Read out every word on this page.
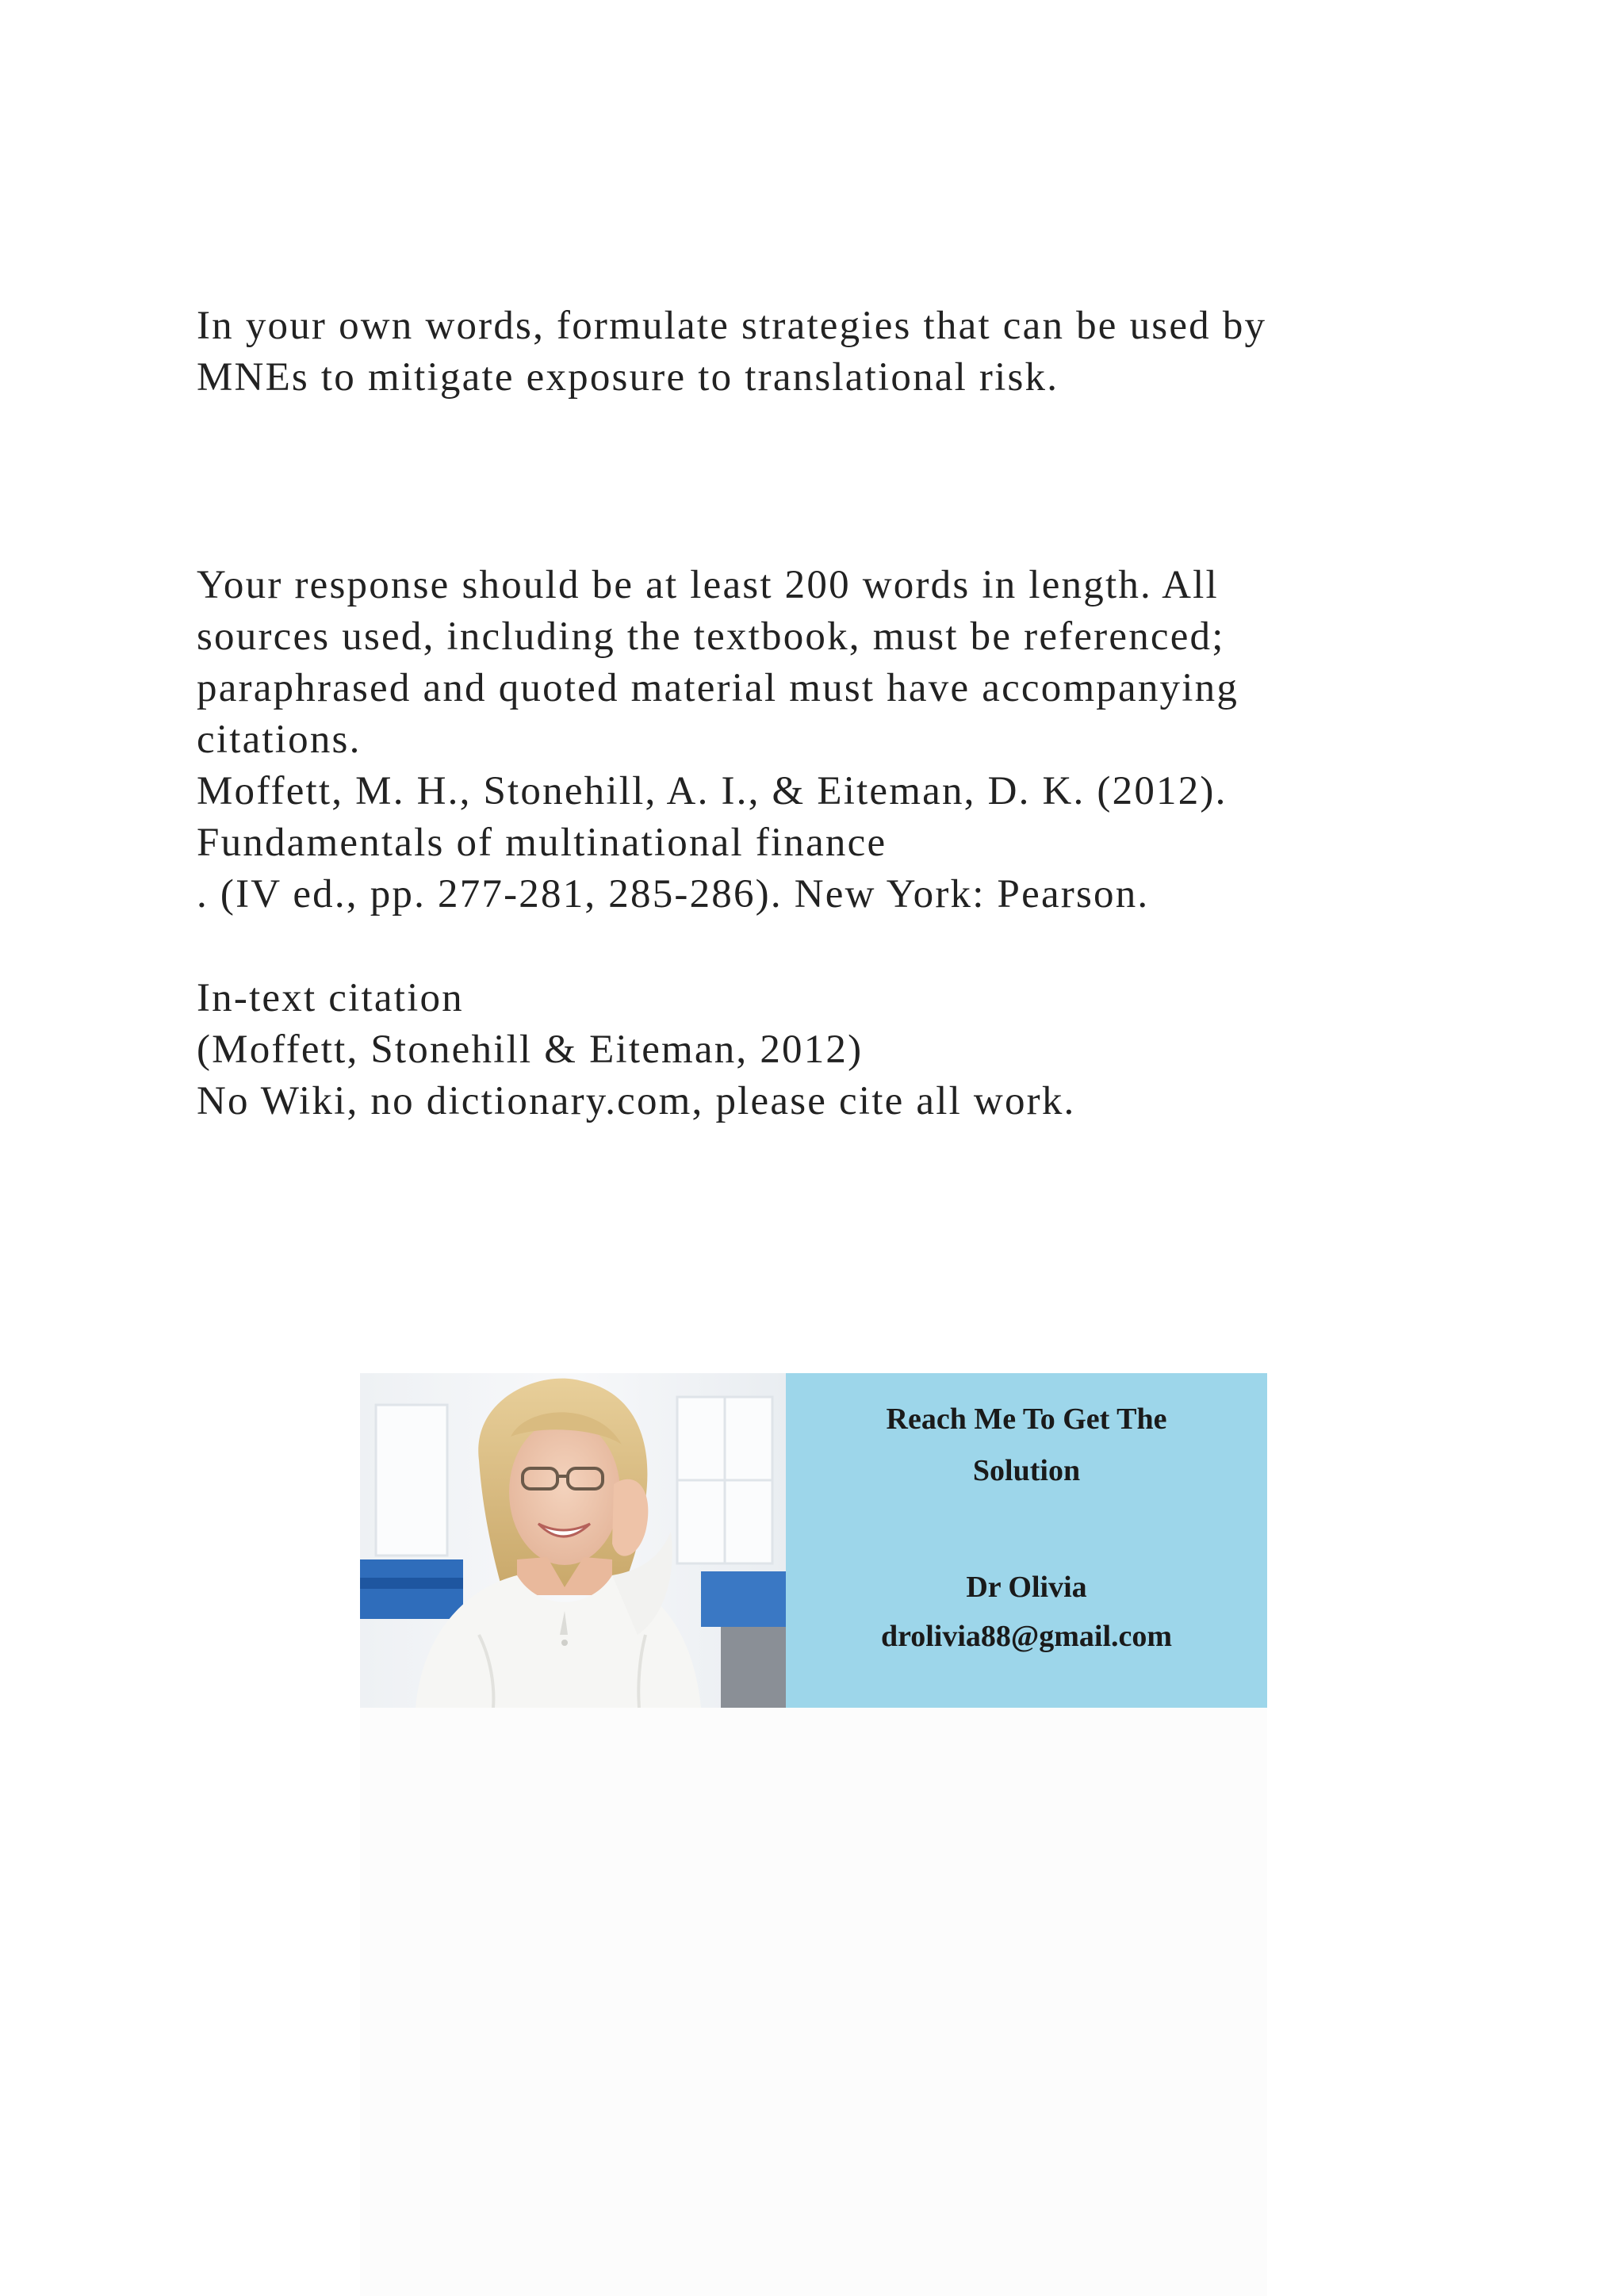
In your own words, formulate strategies that can be used by

MNEs to mitigate exposure to translational risk.

Your response should be at least 200 words in length. All

sources used, including the textbook, must be referenced;

paraphrased and quoted material must have accompanying

citations.

Moffett, M. H., Stonehill, A. I., & Eiteman, D. K. (2012).

Fundamentals of multinational finance

. (IV ed., pp. 277-281, 285-286). New York: Pearson.

In-text citation

(Moffett, Stonehill & Eiteman, 2012)

No Wiki, no dictionary.com, please cite all work.

Reach Me To Get The

Solution

Dr Olivia

drolivia88@gmail.com
